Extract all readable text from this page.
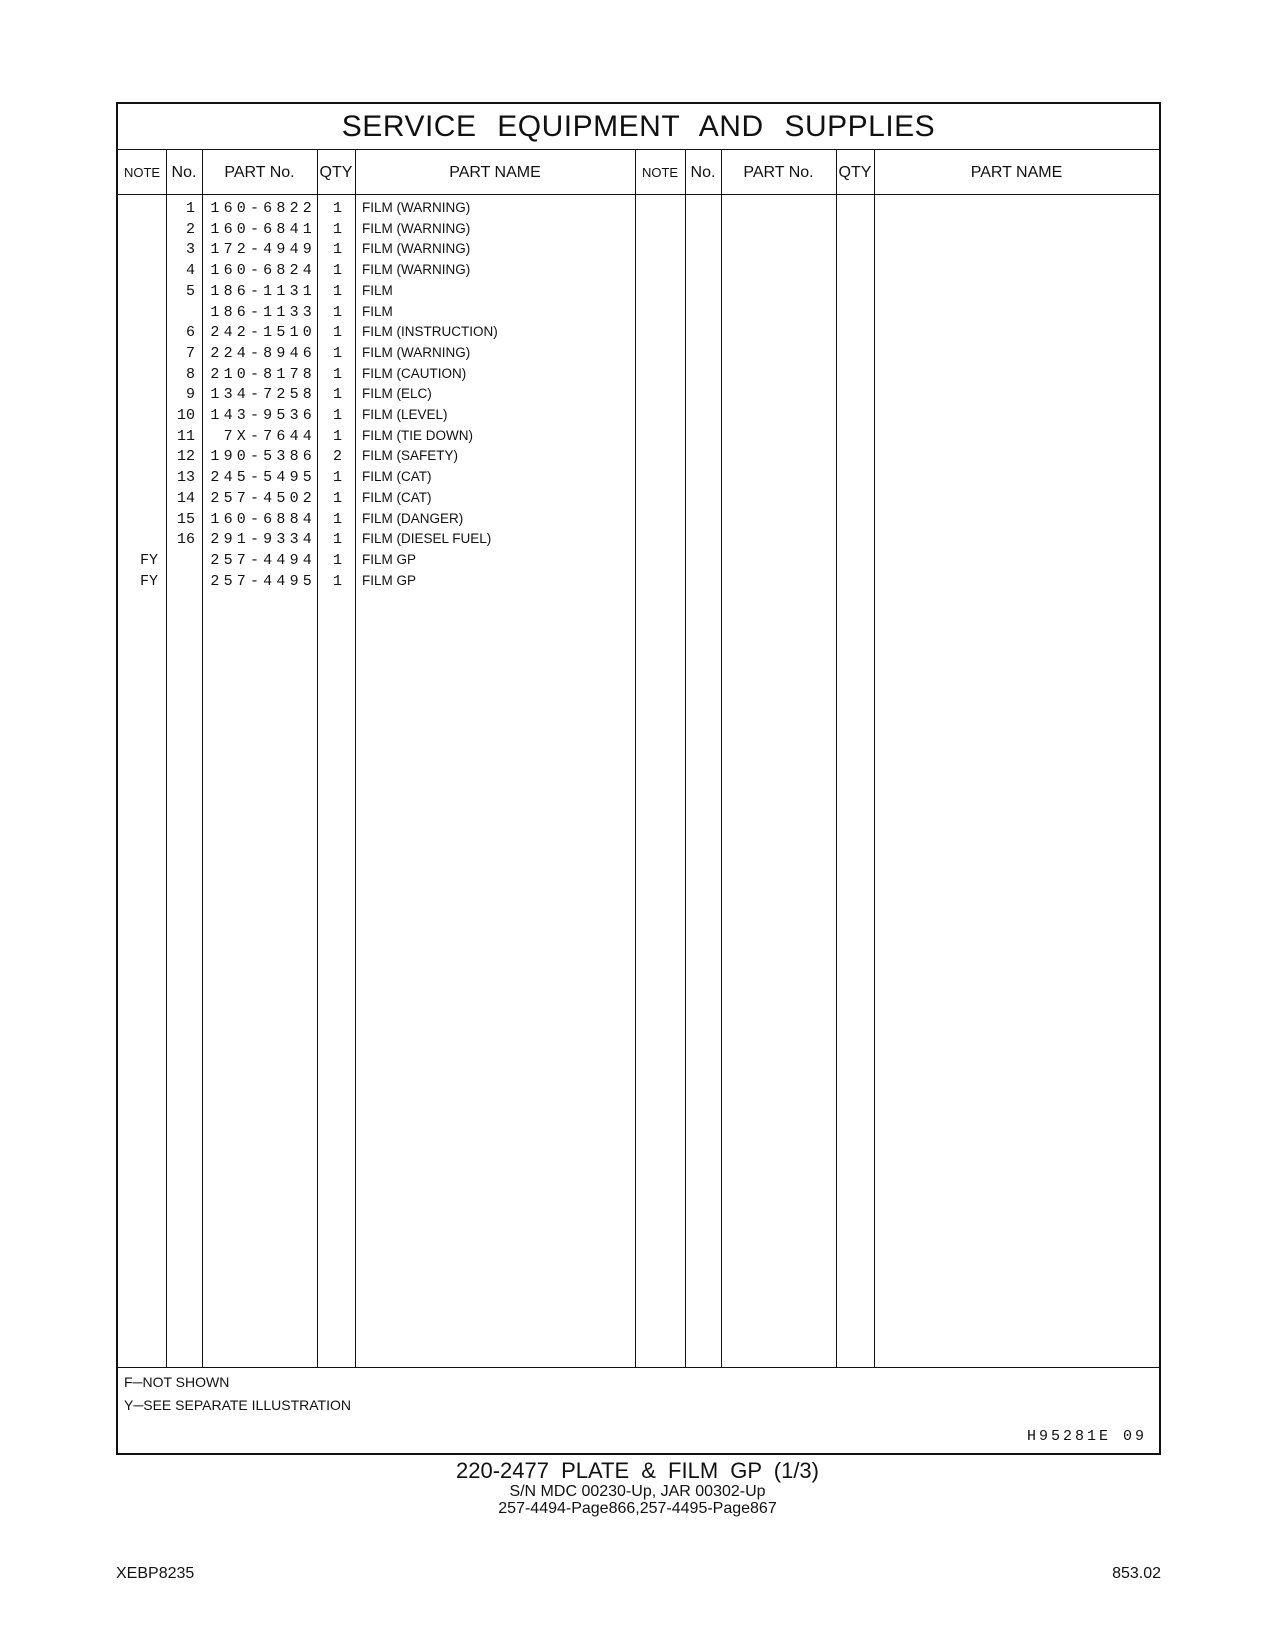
SERVICE EQUIPMENT AND SUPPLIES
NOTE No.	PART No.	QTY	PART NAME	NOTE No.	PART No.	QTY	PART NAME
1	160-6822	1 FILM (WARNING)
2	160-6841	1 FILM (WARNING)
3	172-4949	1 FILM (WARNING)
4	160-6824	1 FILM (WARNING)
5	186-1131	1 FILM
186-1133	1 FILM
6	242-1510	1 FILM (INSTRUCTION)
7	224-8946	1 FILM (WARNING)
8	210-8178	1 FILM (CAUTION)
9	134-7258	1 FILM (ELC)
10	143-9536	1 FILM (LEVEL)
11	7X-7644	1 FILM (TIE DOWN)
12	190-5386	2 FILM (SAFETY)
13	245-5495	1 FILM (CAT)
14	257-4502	1 FILM (CAT)
15	160-6884	1 FILM (DANGER)
16	291-9334	1 FILM (DIESEL FUEL)
FY	257-4494	1 FILM GP
FY	257-4495	1 FILM GP
F─NOT SHOWN
Y─SEE SEPARATE ILLUSTRATION
H95281E 09
220-2477 PLATE & FILM GP (1/3)
S/N MDC 00230-Up, JAR 00302-Up
257-4494-Page866,257-4495-Page867
XEBP8235	853.02
